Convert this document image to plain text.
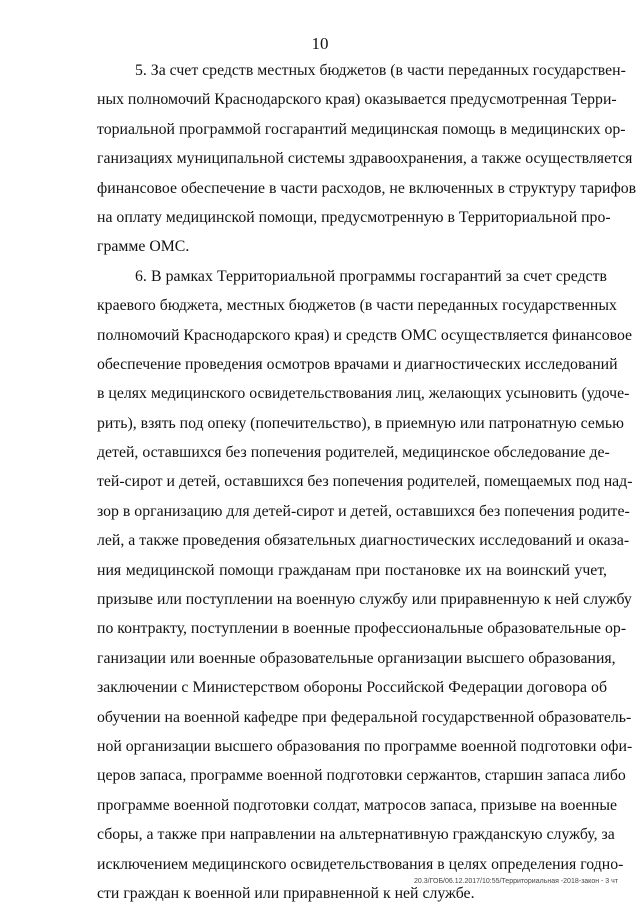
10
5. За счет средств местных бюджетов (в части переданных государствен-
ных полномочий Краснодарского края) оказывается предусмотренная Терри-
ториальной программой госгарантий медицинская помощь в медицинских ор-
ганизациях муниципальной системы здравоохранения, а также осуществляется
финансовое обеспечение в части расходов, не включенных в структуру тарифов
на оплату медицинской помощи, предусмотренную в Территориальной про-
грамме ОМС.
6. В рамках Территориальной программы госгарантий за счет средств
краевого бюджета, местных бюджетов (в части переданных государственных
полномочий Краснодарского края) и средств ОМС осуществляется финансовое
обеспечение проведения осмотров врачами и диагностических исследований
в целях медицинского освидетельствования лиц, желающих усыновить (удоче-
рить), взять под опеку (попечительство), в приемную или патронатную семью
детей, оставшихся без попечения родителей, медицинское обследование де-
тей-сирот и детей, оставшихся без попечения родителей, помещаемых под над-
зор в организацию для детей-сирот и детей, оставшихся без попечения родите-
лей, а также проведения обязательных диагностических исследований и оказа-
ния медицинской помощи гражданам при постановке их на воинский учет,
призыве или поступлении на военную службу или приравненную к ней службу
по контракту, поступлении в военные профессиональные образовательные ор-
ганизации или военные образовательные организации высшего образования,
заключении с Министерством обороны Российской Федерации договора об
обучении на военной кафедре при федеральной государственной образователь-
ной организации высшего образования по программе военной подготовки офи-
церов запаса, программе военной подготовки сержантов, старшин запаса либо
программе военной подготовки солдат, матросов запаса, призыве на военные
сборы, а также при направлении на альтернативную гражданскую службу, за
исключением медицинского освидетельствования в целях определения годно-
сти граждан к военной или приравненной к ней службе.
20.3/ГОБ/06.12.2017/10:55/Территориальная -2018-закон - 3 чт
